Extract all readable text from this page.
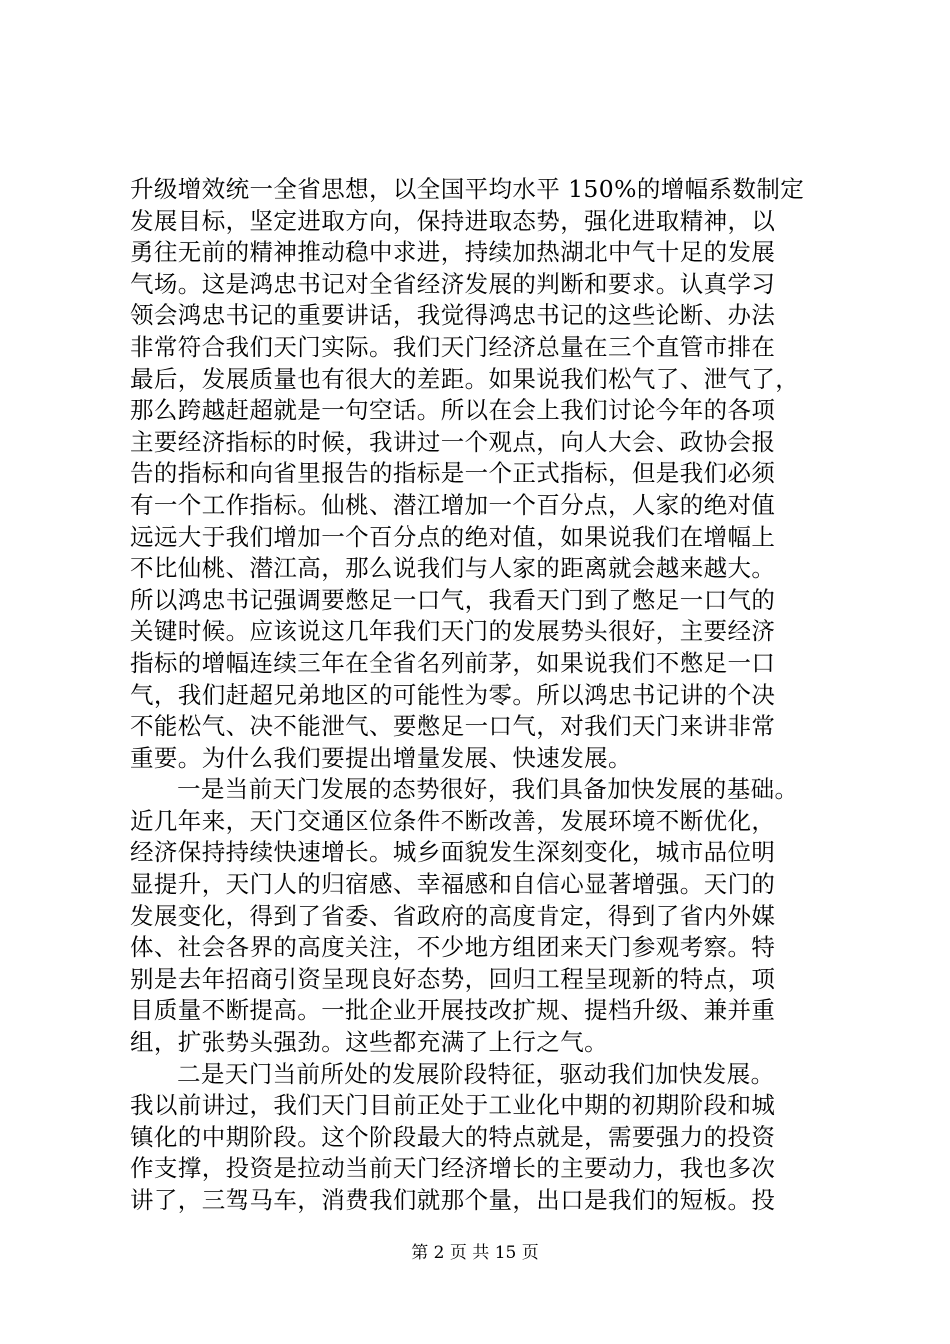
升级增效统一全省思想，以全国平均水平 150%的增幅系数制定
发展目标，坚定进取方向，保持进取态势，强化进取精神，以
勇往无前的精神推动稳中求进，持续加热湖北中气十足的发展
气场。这是鸿忠书记对全省经济发展的判断和要求。认真学习
领会鸿忠书记的重要讲话，我觉得鸿忠书记的这些论断、办法
非常符合我们天门实际。我们天门经济总量在三个直管市排在
最后，发展质量也有很大的差距。如果说我们松气了、泄气了，
那么跨越赶超就是一句空话。所以在会上我们讨论今年的各项
主要经济指标的时候，我讲过一个观点，向人大会、政协会报
告的指标和向省里报告的指标是一个正式指标，但是我们必须
有一个工作指标。仙桃、潜江增加一个百分点，人家的绝对值
远远大于我们增加一个百分点的绝对值，如果说我们在增幅上
不比仙桃、潜江高，那么说我们与人家的距离就会越来越大。
所以鸿忠书记强调要憋足一口气，我看天门到了憋足一口气的
关键时候。应该说这几年我们天门的发展势头很好，主要经济
指标的增幅连续三年在全省名列前茅，如果说我们不憋足一口
气，我们赶超兄弟地区的可能性为零。所以鸿忠书记讲的个决
不能松气、决不能泄气、要憋足一口气，对我们天门来讲非常
重要。为什么我们要提出增量发展、快速发展。
一是当前天门发展的态势很好，我们具备加快发展的基础。
近几年来，天门交通区位条件不断改善，发展环境不断优化，
经济保持持续快速增长。城乡面貌发生深刻变化，城市品位明
显提升，天门人的归宿感、幸福感和自信心显著增强。天门的
发展变化，得到了省委、省政府的高度肯定，得到了省内外媒
体、社会各界的高度关注，不少地方组团来天门参观考察。特
别是去年招商引资呈现良好态势，回归工程呈现新的特点，项
目质量不断提高。一批企业开展技改扩规、提档升级、兼并重
组，扩张势头强劲。这些都充满了上行之气。
二是天门当前所处的发展阶段特征，驱动我们加快发展。
我以前讲过，我们天门目前正处于工业化中期的初期阶段和城
镇化的中期阶段。这个阶段最大的特点就是，需要强力的投资
作支撑，投资是拉动当前天门经济增长的主要动力，我也多次
讲了，三驾马车，消费我们就那个量，出口是我们的短板。投
第 2 页 共 15 页
